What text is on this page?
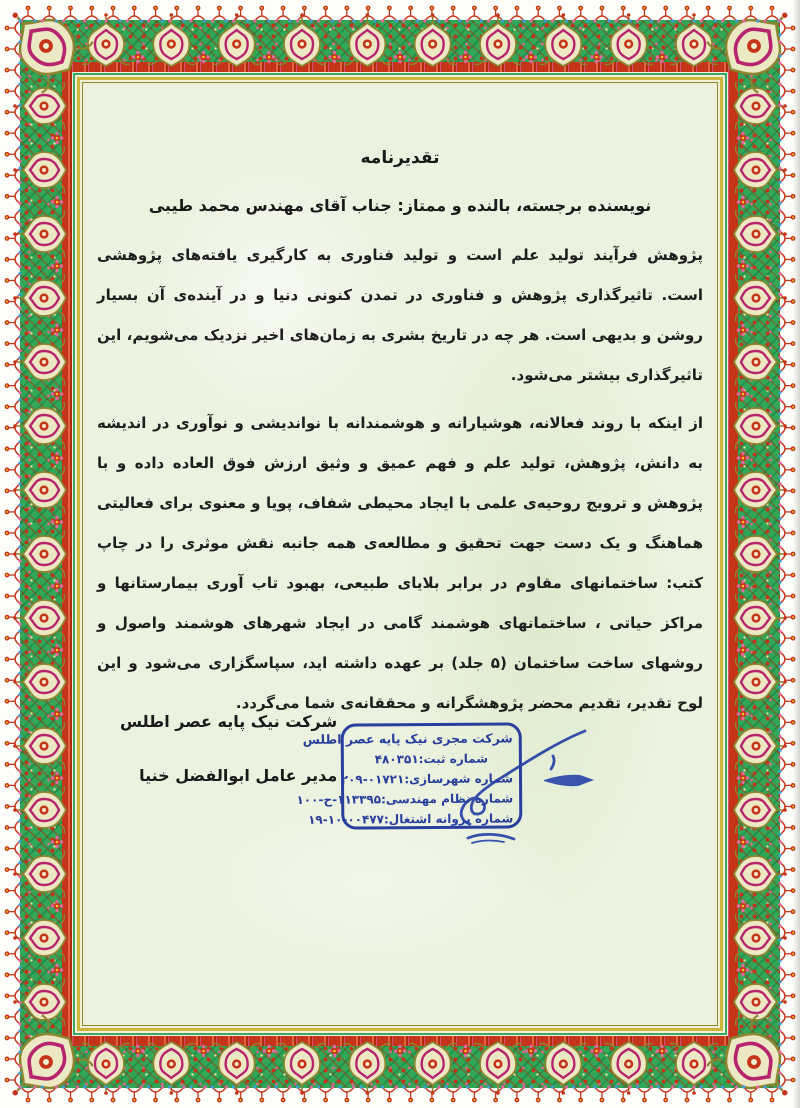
تقدیرنامه
نویسنده برجسته، بالنده و ممتاز: جناب آقای مهندس محمد طیبی

پژوهش فرآیند تولید علم است و تولید فناوری به کارگیری یافته‌های پژوهشی است. تاثیرگذاری پژوهش و فناوری در تمدن کنونی دنیا و در آینده‌ی آن بسیار روشن و بدیهی است. هر چه در تاریخ بشری به زمان‌های اخیر نزدیک می‌شویم، این تاثیرگذاری بیشتر می‌شود.

از اینکه با روند فعالانه، هوشیارانه و هوشمندانه با نواندیشی و نوآوری در اندیشه به دانش، پژوهش، تولید علم و فهم عمیق و وثیق ارزش فوق العاده داده و با پژوهش و ترویج روحیه‌ی علمی با ایجاد محیطی شفاف، پویا و معنوی برای فعالیتی هماهنگ و یک دست جهت تحقیق و مطالعه‌ی همه جانبه نقش موثری را در چاپ کتب: ساختمانهای مقاوم در برابر بلایای طبیعی، بهبود تاب آوری بیمارستانها و مراکز حیاتی ، ساختمانهای هوشمند گامی در ایجاد شهرهای هوشمند واصول و روشهای ساخت ساختمان (۵ جلد) بر عهده داشته اید، سپاسگزاری می‌شود و این لوح تقدیر، تقدیم محضر پژوهشگرانه و محققانه‌ی شما می‌گردد.

شرکت نیک پایه عصر اطلس
مدیر عامل ابوالفضل خنیا
شرکت مجری نیک پایه عصر اطلس
شماره ثبت:۴۸۰۳۵۱
شماره شهرسازی:۲۰۹-۰۱۷۲۱
شماره نظام مهندسی:۱۰۰-ح-۱۱۳۳۹۵
شماره پروانه اشتغال:۱۹-۱۰-۰۰۴۷۷
